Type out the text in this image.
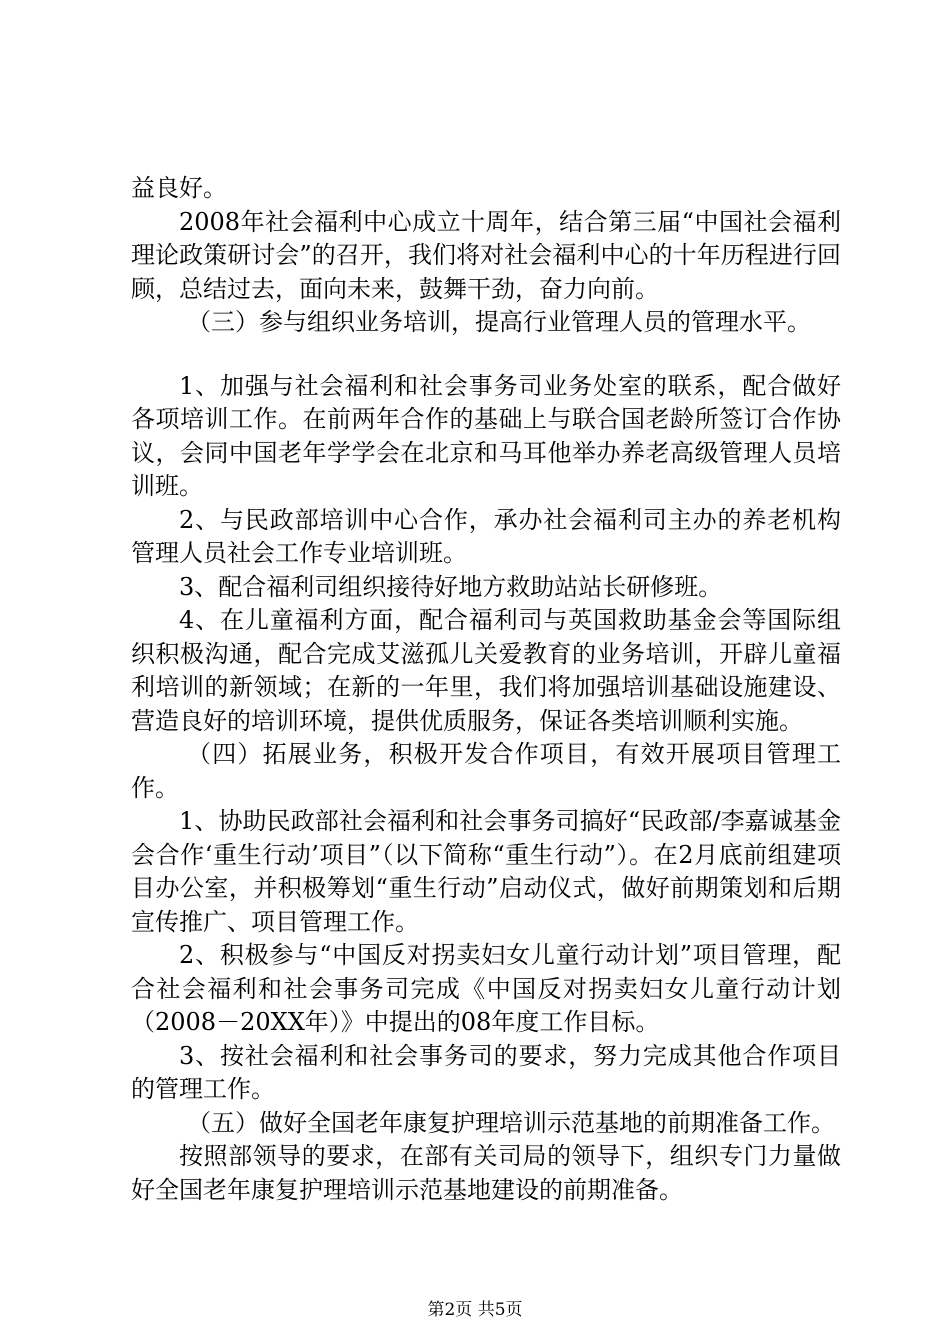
益良好。

2008年社会福利中心成立十周年，结合第三届“中国社会福利理论政策研讨会”的召开，我们将对社会福利中心的十年历程进行回顾，总结过去，面向未来，鼓舞干劲，奋力向前。

（三）参与组织业务培训，提高行业管理人员的管理水平。

1、加强与社会福利和社会事务司业务处室的联系，配合做好各项培训工作。在前两年合作的基础上与联合国老龄所签订合作协议，会同中国老年学学会在北京和马耳他举办养老高级管理人员培训班。

2、与民政部培训中心合作，承办社会福利司主办的养老机构管理人员社会工作专业培训班。

3、配合福利司组织接待好地方救助站站长研修班。

4、在儿童福利方面，配合福利司与英国救助基金会等国际组织积极沟通，配合完成艾滋孤儿关爱教育的业务培训，开辟儿童福利培训的新领域；在新的一年里，我们将加强培训基础设施建设、营造良好的培训环境，提供优质服务，保证各类培训顺利实施。

（四）拓展业务，积极开发合作项目，有效开展项目管理工作。

1、协助民政部社会福利和社会事务司搞好“民政部/李嘉诚基金会合作‘重生行动’项目”（以下简称“重生行动”）。在2月底前组建项目办公室，并积极筹划“重生行动”启动仪式，做好前期策划和后期宣传推广、项目管理工作。

2、积极参与“中国反对拐卖妇女儿童行动计划”项目管理，配合社会福利和社会事务司完成《中国反对拐卖妇女儿童行动计划（2008－20XX年）》中提出的08年度工作目标。

3、按社会福利和社会事务司的要求，努力完成其他合作项目的管理工作。

（五）做好全国老年康复护理培训示范基地的前期准备工作。

按照部领导的要求，在部有关司局的领导下，组织专门力量做好全国老年康复护理培训示范基地建设的前期准备。

第2页 共5页
